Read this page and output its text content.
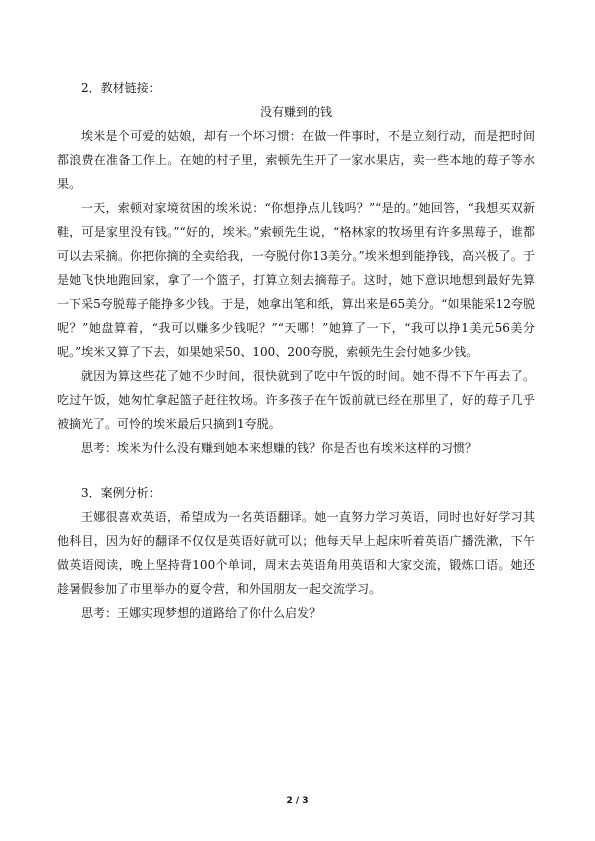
2．教材链接：

没有赚到的钱

埃米是个可爱的姑娘，却有一个坏习惯：在做一件事时，不是立刻行动，而是把时间都浪费在准备工作上。在她的村子里，索顿先生开了一家水果店，卖一些本地的莓子等水果。

一天，索顿对家境贫困的埃米说：“你想挣点儿钱吗？”“是的。”她回答，“我想买双新鞋，可是家里没有钱。”“好的，埃米。”索顿先生说，“格林家的牧场里有许多黑莓子，谁都可以去采摘。你把你摘的全卖给我，一夸脱付你13美分。”埃米想到能挣钱，高兴极了。于是她飞快地跑回家，拿了一个篮子，打算立刻去摘莓子。这时，她下意识地想到最好先算一下采5夸脱莓子能挣多少钱。于是，她拿出笔和纸，算出来是65美分。“如果能采12夸脱呢？”她盘算着，“我可以赚多少钱呢？”“天哪！”她算了一下，“我可以挣1美元56美分呢。”埃米又算了下去，如果她采50、100、200夸脱，索顿先生会付她多少钱。

就因为算这些花了她不少时间，很快就到了吃中午饭的时间。她不得不下午再去了。吃过午饭，她匆忙拿起篮子赶往牧场。许多孩子在午饭前就已经在那里了，好的莓子几乎被摘光了。可怜的埃米最后只摘到1夸脱。

思考：埃米为什么没有赚到她本来想赚的钱？你是否也有埃米这样的习惯？

3．案例分析：

王娜很喜欢英语，希望成为一名英语翻译。她一直努力学习英语，同时也好好学习其他科目，因为好的翻译不仅仅是英语好就可以；他每天早上起床听着英语广播洗漱，下午做英语阅读，晚上坚持背100个单词，周末去英语角用英语和大家交流，锻炼口语。她还趁暑假参加了市里举办的夏令营，和外国朋友一起交流学习。

思考：王娜实现梦想的道路给了你什么启发？

2 / 3
